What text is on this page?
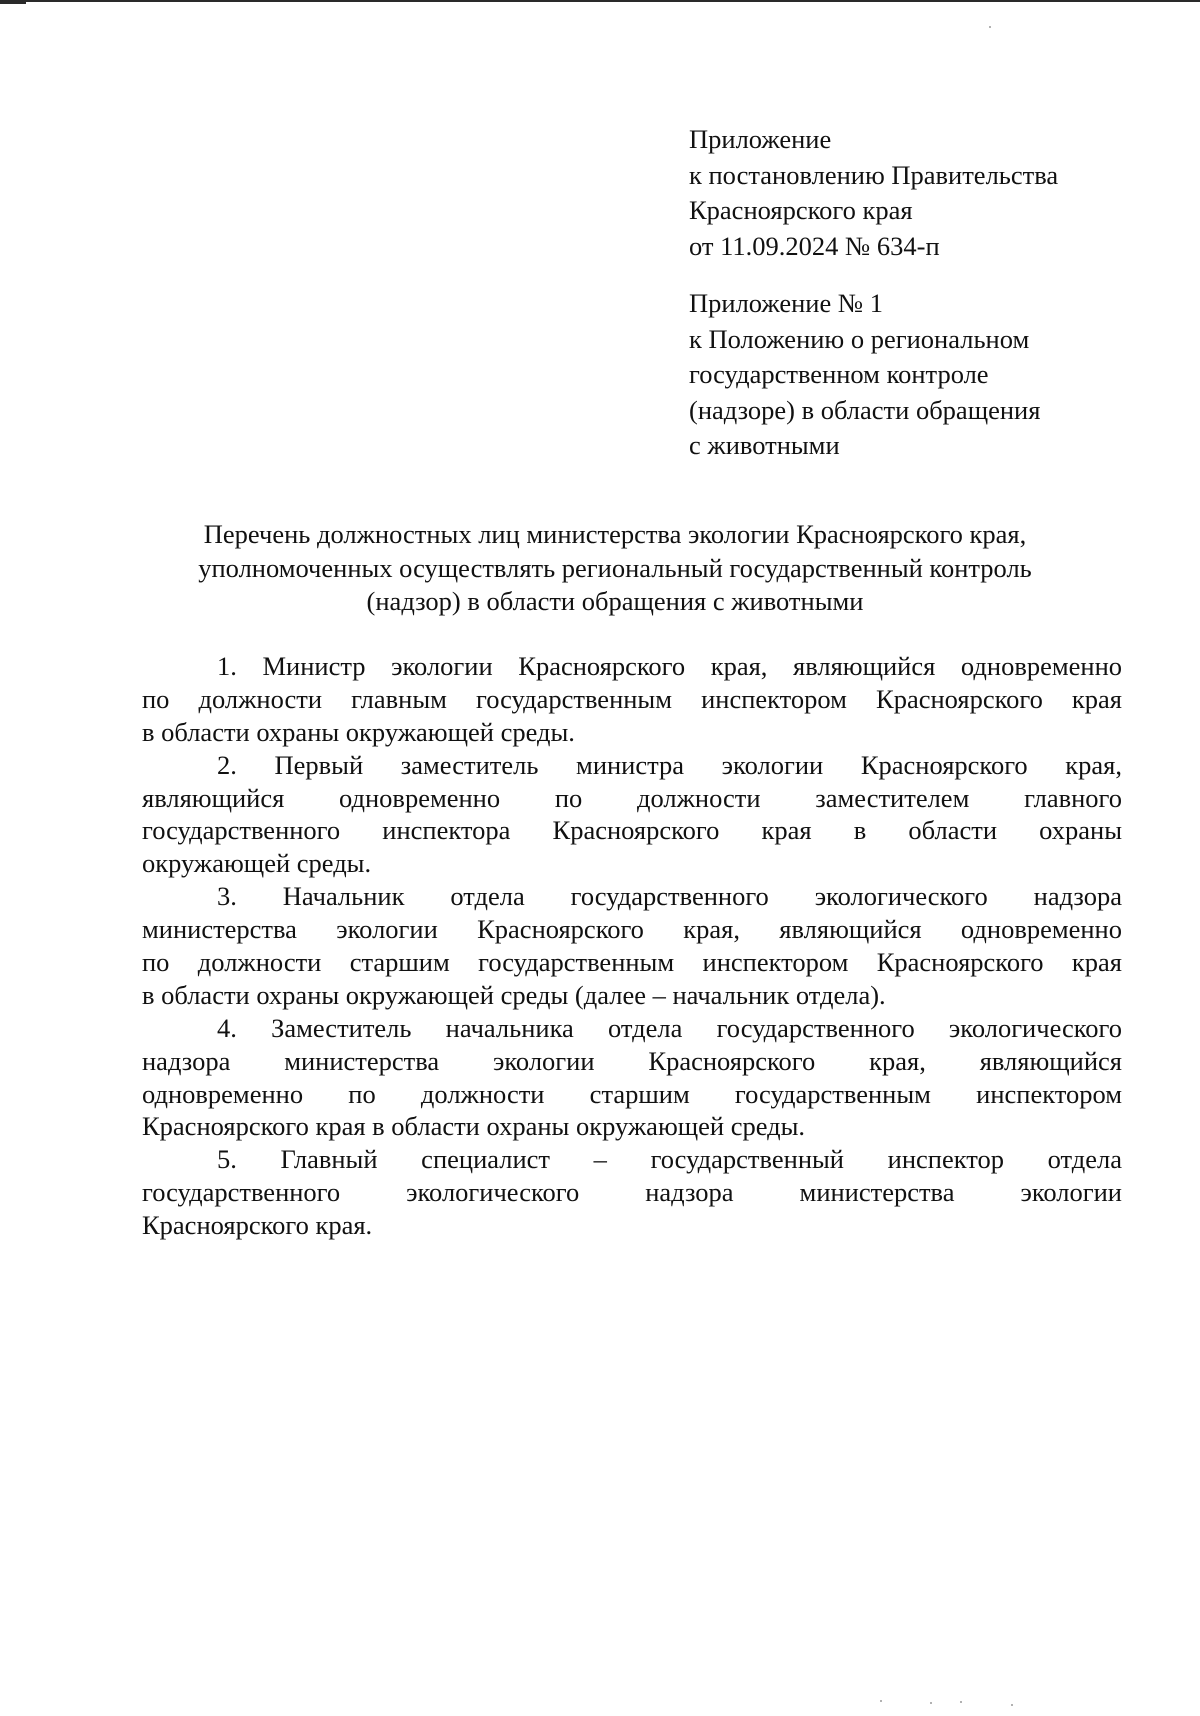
Приложение
к постановлению Правительства
Красноярского края
от 11.09.2024 № 634-п
Приложение № 1
к Положению о региональном
государственном контроле
(надзоре) в области обращения
с животными
Перечень должностных лиц министерства экологии Красноярского края,
уполномоченных осуществлять региональный государственный контроль
(надзор) в области обращения с животными
1. Министр экологии Красноярского края, являющийся одновременно
по должности главным государственным инспектором Красноярского края
в области охраны окружающей среды.
2. Первый заместитель министра экологии Красноярского края,
являющийся одновременно по должности заместителем главного
государственного инспектора Красноярского края в области охраны
окружающей среды.
3. Начальник отдела государственного экологического надзора
министерства экологии Красноярского края, являющийся одновременно
по должности старшим государственным инспектором Красноярского края
в области охраны окружающей среды (далее – начальник отдела).
4. Заместитель начальника отдела государственного экологического
надзора министерства экологии Красноярского края, являющийся
одновременно по должности старшим государственным инспектором
Красноярского края в области охраны окружающей среды.
5. Главный специалист – государственный инспектор отдела
государственного экологического надзора министерства экологии
Красноярского края.
